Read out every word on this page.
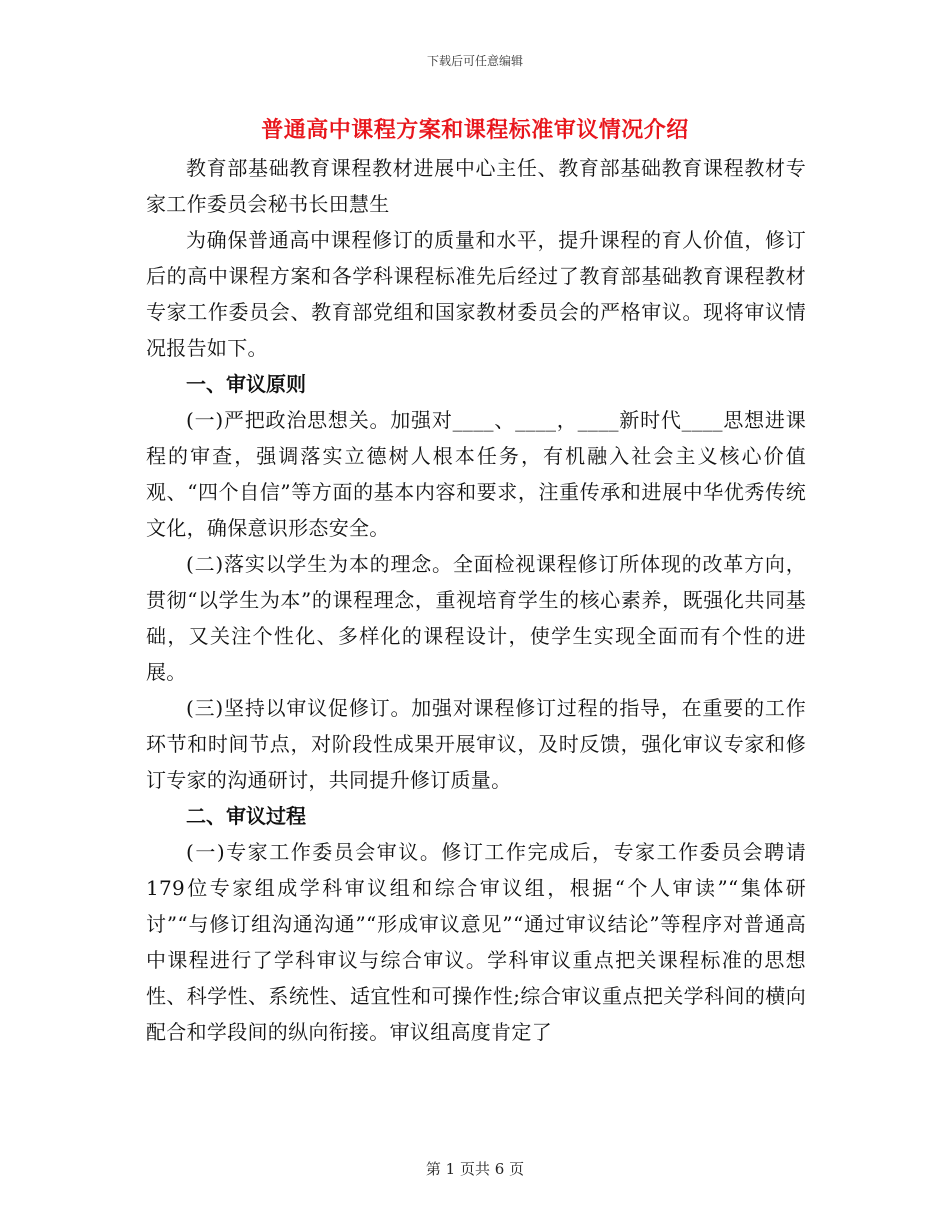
下载后可任意编辑
普通高中课程方案和课程标准审议情况介绍

教育部基础教育课程教材进展中心主任、教育部基础教育课程教材专家工作委员会秘书长田慧生

为确保普通高中课程修订的质量和水平，提升课程的育人价值，修订后的高中课程方案和各学科课程标准先后经过了教育部基础教育课程教材专家工作委员会、教育部党组和国家教材委员会的严格审议。现将审议情况报告如下。

一、审议原则

(一)严把政治思想关。加强对____、____，____新时代____思想进课程的审查，强调落实立德树人根本任务，有机融入社会主义核心价值观、“四个自信”等方面的基本内容和要求，注重传承和进展中华优秀传统文化，确保意识形态安全。

(二)落实以学生为本的理念。全面检视课程修订所体现的改革方向，贯彻“以学生为本”的课程理念，重视培育学生的核心素养，既强化共同基础，又关注个性化、多样化的课程设计，使学生实现全面而有个性的进展。

(三)坚持以审议促修订。加强对课程修订过程的指导，在重要的工作环节和时间节点，对阶段性成果开展审议，及时反馈，强化审议专家和修订专家的沟通研讨，共同提升修订质量。

二、审议过程

(一)专家工作委员会审议。修订工作完成后，专家工作委员会聘请179位专家组成学科审议组和综合审议组，根据“个人审读”“集体研讨”“与修订组沟通沟通”“形成审议意见”“通过审议结论”等程序对普通高中课程进行了学科审议与综合审议。学科审议重点把关课程标准的思想性、科学性、系统性、适宜性和可操作性;综合审议重点把关学科间的横向配合和学段间的纵向衔接。审议组高度肯定了

第 1 页共 6 页
